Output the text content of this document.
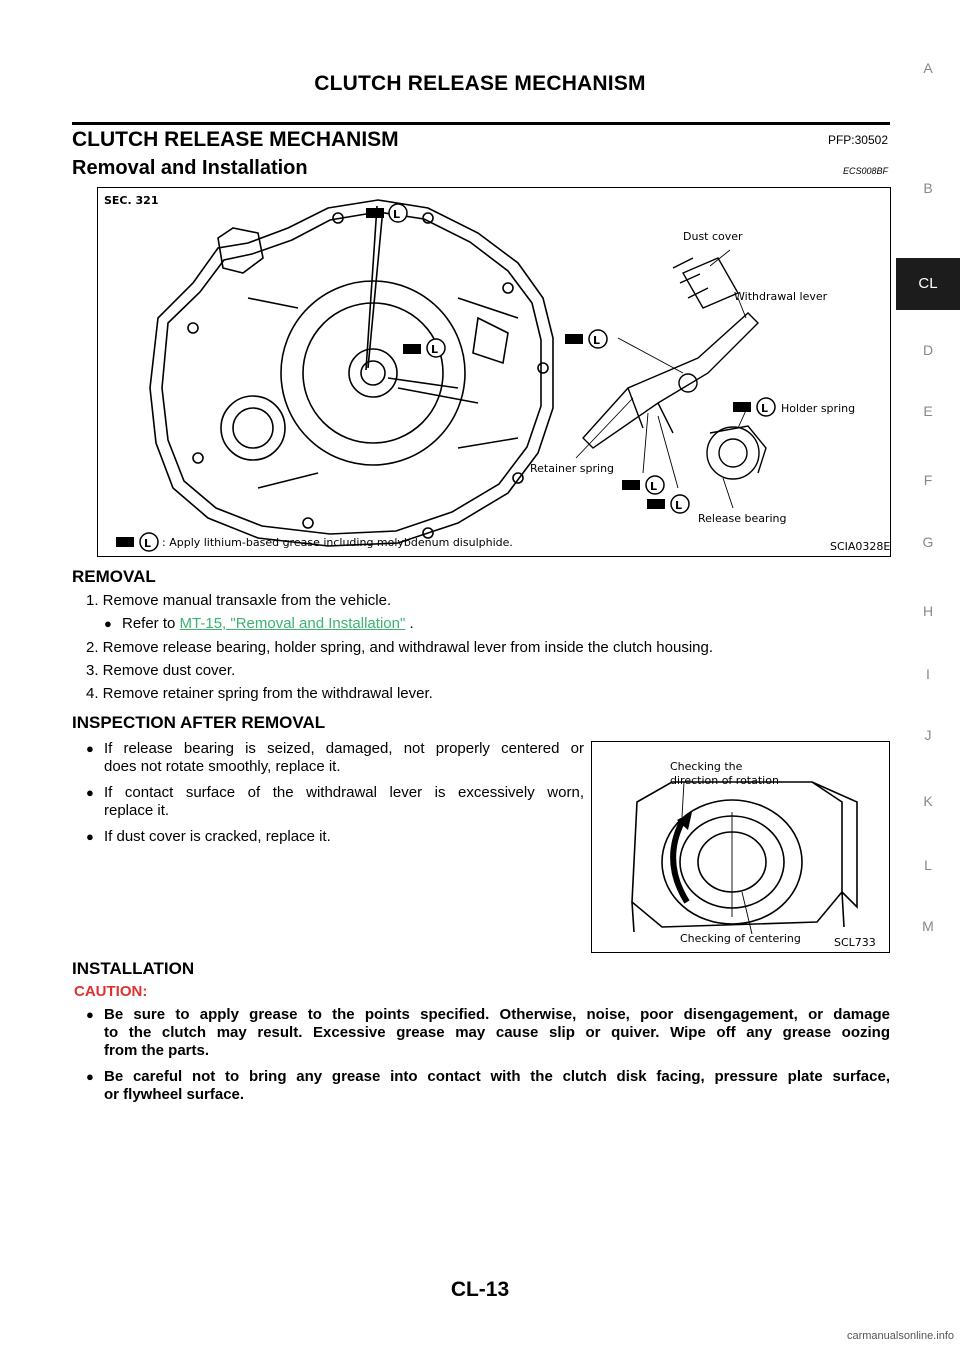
CLUTCH RELEASE MECHANISM
CLUTCH RELEASE MECHANISM	PFP:30502
Removal and Installation	ECS008BF
SEC. 321
L
L
L
L
L
L
Dust cover
Withdrawal lever
Holder spring
Retainer spring
Release bearing
L : Apply lithium-based grease including molybdenum disulphide.	SCIA0328E
REMOVAL
1. Remove manual transaxle from the vehicle.
● Refer to MT-15, "Removal and Installation" .
2. Remove release bearing, holder spring, and withdrawal lever from inside the clutch housing.
3. Remove dust cover.
4. Remove retainer spring from the withdrawal lever.
INSPECTION AFTER REMOVAL
● If release bearing is seized, damaged, not properly centered or
does not rotate smoothly, replace it.
● If contact surface of the withdrawal lever is excessively worn,
replace it.
● If dust cover is cracked, replace it.
Checking the
direction of rotation
Checking of centering	SCL733
INSTALLATION
CAUTION:
● Be sure to apply grease to the points specified. Otherwise, noise, poor disengagement, or damage
to the clutch may result. Excessive grease may cause slip or quiver. Wipe off any grease oozing
from the parts.
● Be careful not to bring any grease into contact with the clutch disk facing, pressure plate surface,
or flywheel surface.
A
B
CL
D
E
F
G
H
I
J
K
L
M
CL-13
carmanualsonline.info
